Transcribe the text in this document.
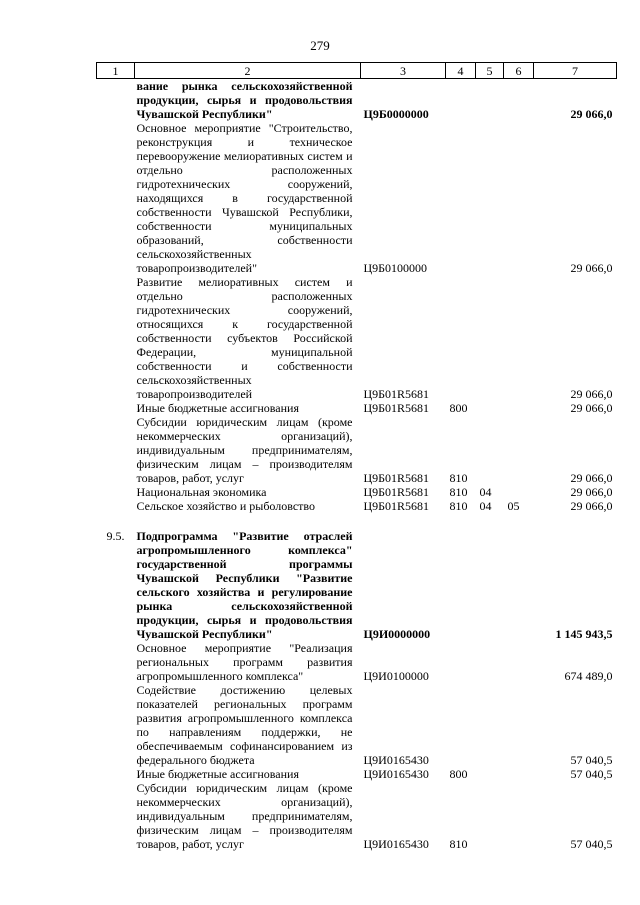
279
1	2	3	4	5	6	7
	вание рынка сельскохозяйственной продукции, сырья и продовольствия Чувашской Республики"	Ц9Б0000000				29 066,0
	Основное мероприятие "Строительство, реконструкция и техническое перевооружение мелиоративных систем и отдельно расположенных гидротехнических сооружений, находящихся в государственной собственности Чувашской Республики, собственности муниципальных образований, собственности сельскохозяйственных товаропроизводителей"	Ц9Б0100000				29 066,0
	Развитие мелиоративных систем и отдельно расположенных гидротехнических сооружений, относящихся к государственной собственности субъектов Российской Федерации, муниципальной собственности и собственности сельскохозяйственных товаропроизводителей	Ц9Б01R5681				29 066,0
	Иные бюджетные ассигнования	Ц9Б01R5681	800			29 066,0
	Субсидии юридическим лицам (кроме некоммерческих организаций), индивидуальным предпринимателям, физическим лицам – производителям товаров, работ, услуг	Ц9Б01R5681	810			29 066,0
	Национальная экономика	Ц9Б01R5681	810	04		29 066,0
	Сельское хозяйство и рыболовство	Ц9Б01R5681	810	04	05	29 066,0

9.5.	Подпрограмма "Развитие отраслей агропромышленного комплекса" государственной программы Чувашской Республики "Развитие сельского хозяйства и регулирование рынка сельскохозяйственной продукции, сырья и продовольствия Чувашской Республики"	Ц9И0000000				1 145 943,5
	Основное мероприятие "Реализация региональных программ развития агропромышленного комплекса"	Ц9И0100000				674 489,0
	Содействие достижению целевых показателей региональных программ развития агропромышленного комплекса по направлениям поддержки, не обеспечиваемым софинансированием из федерального бюджета	Ц9И0165430				57 040,5
	Иные бюджетные ассигнования	Ц9И0165430	800			57 040,5
	Субсидии юридическим лицам (кроме некоммерческих организаций), индивидуальным предпринимателям, физическим лицам – производителям товаров, работ, услуг	Ц9И0165430	810			57 040,5
